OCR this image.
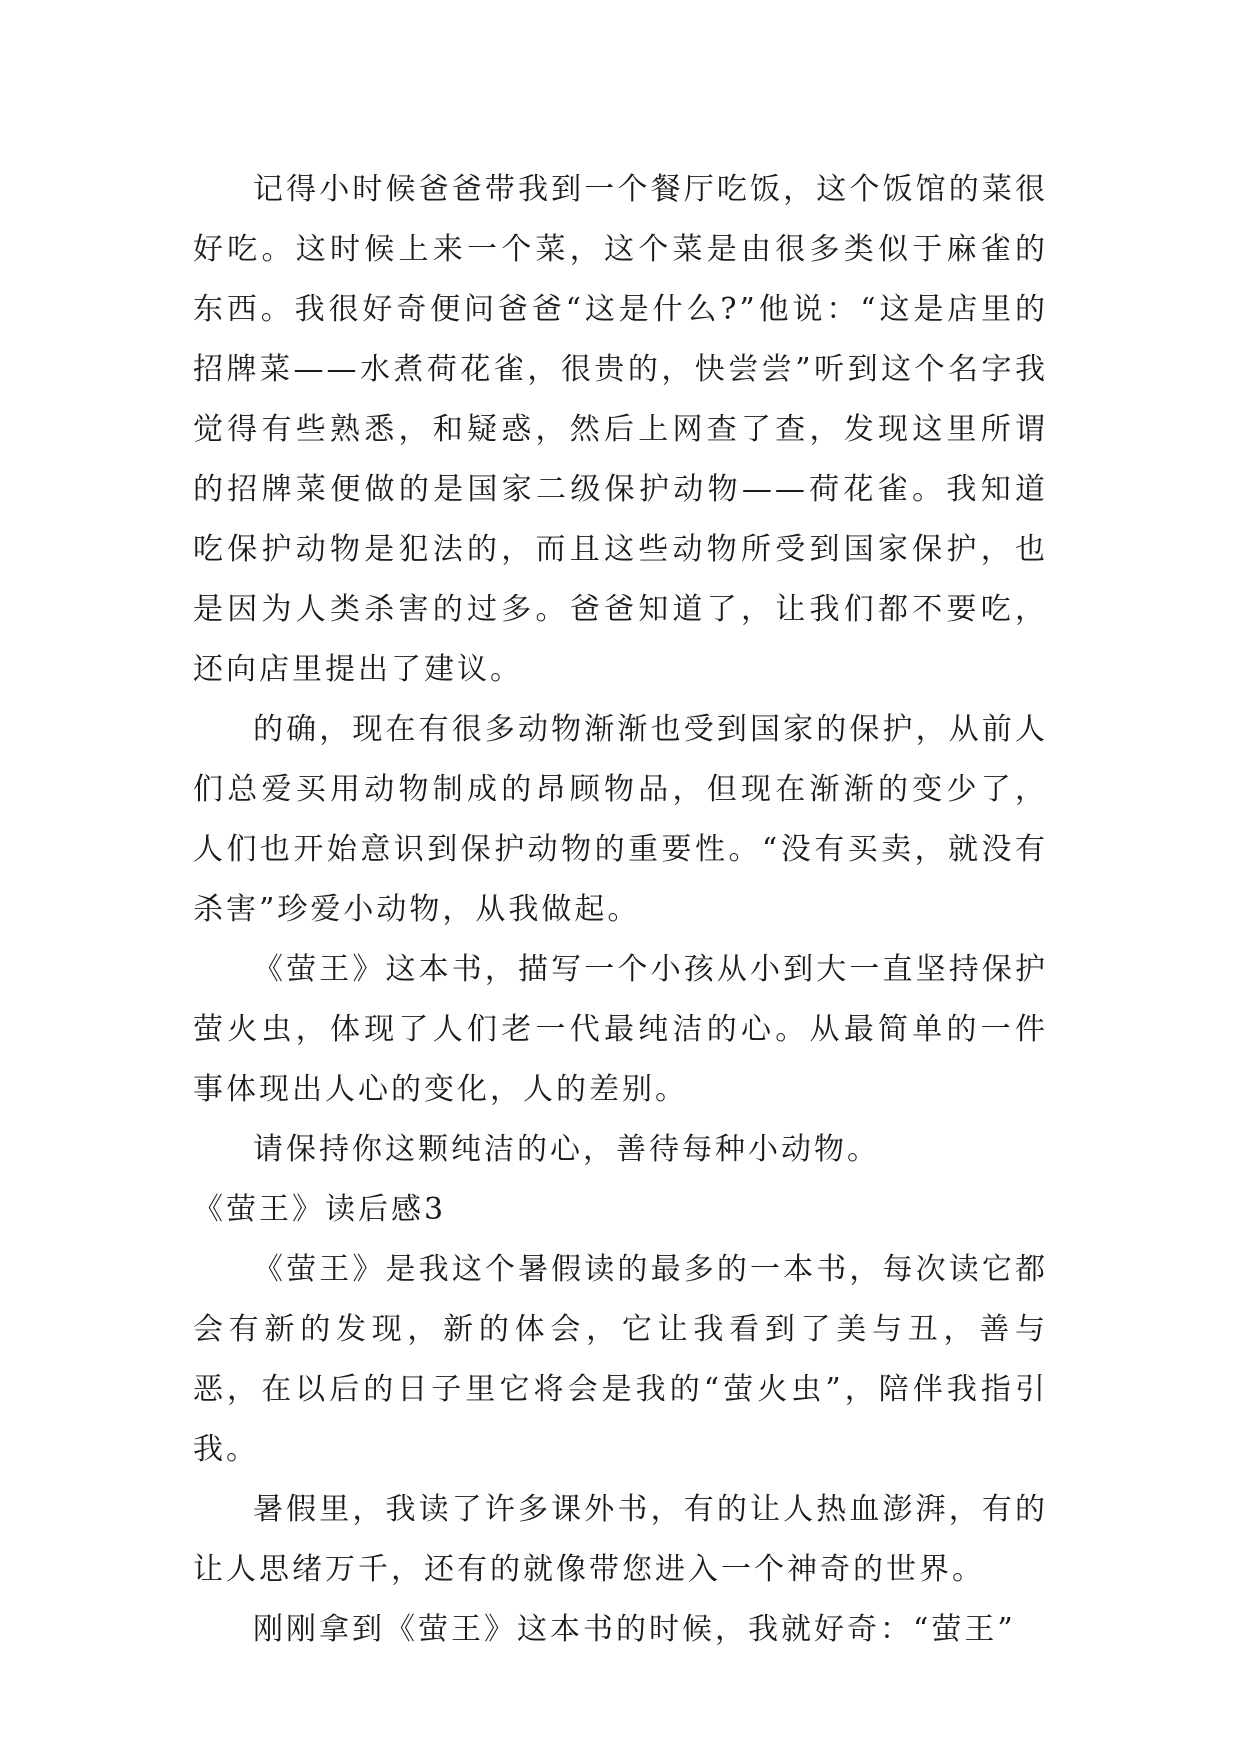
记得小时候爸爸带我到一个餐厅吃饭，这个饭馆的菜很好吃。这时候上来一个菜，这个菜是由很多类似于麻雀的东西。我很好奇便问爸爸“这是什么?”他说：“这是店里的招牌菜——水煮荷花雀，很贵的，快尝尝”听到这个名字我觉得有些熟悉，和疑惑，然后上网查了查，发现这里所谓的招牌菜便做的是国家二级保护动物——荷花雀。我知道吃保护动物是犯法的，而且这些动物所受到国家保护，也是因为人类杀害的过多。爸爸知道了，让我们都不要吃，还向店里提出了建议。

的确，现在有很多动物渐渐也受到国家的保护，从前人们总爱买用动物制成的昂顾物品，但现在渐渐的变少了，人们也开始意识到保护动物的重要性。“没有买卖，就没有杀害”珍爱小动物，从我做起。

《萤王》这本书，描写一个小孩从小到大一直坚持保护萤火虫，体现了人们老一代最纯洁的心。从最简单的一件事体现出人心的变化，人的差别。

请保持你这颗纯洁的心，善待每种小动物。

《萤王》读后感3

《萤王》是我这个暑假读的最多的一本书，每次读它都会有新的发现，新的体会，它让我看到了美与丑，善与恶，在以后的日子里它将会是我的“萤火虫”，陪伴我指引我。

暑假里，我读了许多课外书，有的让人热血澎湃，有的让人思绪万千，还有的就像带您进入一个神奇的世界。

刚刚拿到《萤王》这本书的时候，我就好奇：“萤王”
